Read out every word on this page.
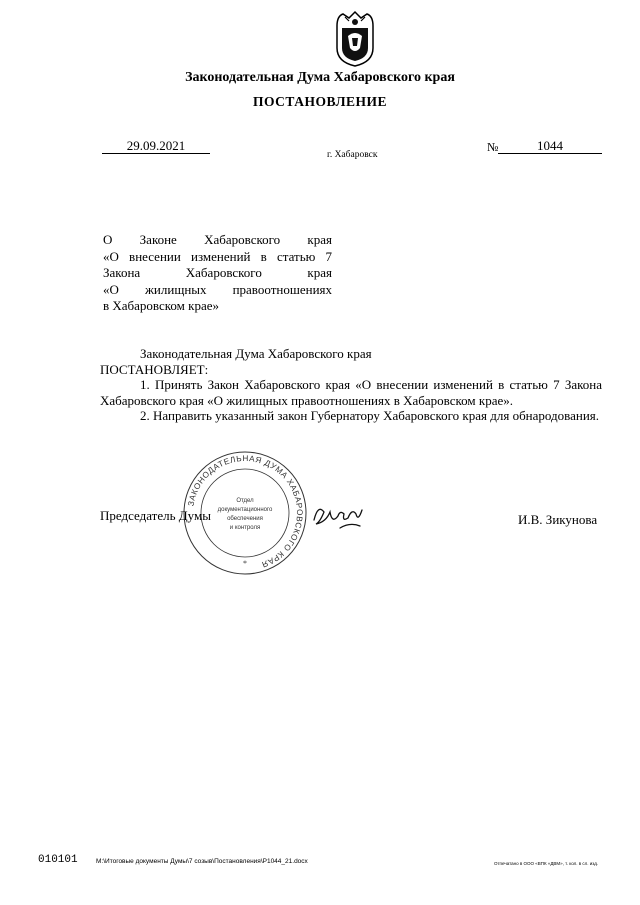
Законодательная Дума Хабаровского края
ПОСТАНОВЛЕНИЕ
29.09.2021
г. Хабаровск
№	1044
О Законе Хабаровского края
«О внесении изменений в статью 7
Закона Хабаровского края
«О жилищных правоотношениях
в Хабаровском крае»

Законодательная Дума Хабаровского края

ПОСТАНОВЛЯЕТ:

1. Принять Закон Хабаровского края «О внесении изменений в статью 7 Закона Хабаровского края «О жилищных правоотношениях в Хабаровском крае».

2. Направить указанный закон Губернатору Хабаровского края для обнародования.

ЗАКОНОДАТЕЛЬНАЯ ДУМА ХАБАРОВСКОГО КРАЯ
Отдел
документационного
обеспечения
и контроля
*
Председатель Думы	И.В. Зикунова
010101	M:\Итоговые документы Думы\7 созыв\Постановления\P1044_21.docx	Отпечатано в ООО «ВПК «ДВМ», т. кол. в сл. изд.
